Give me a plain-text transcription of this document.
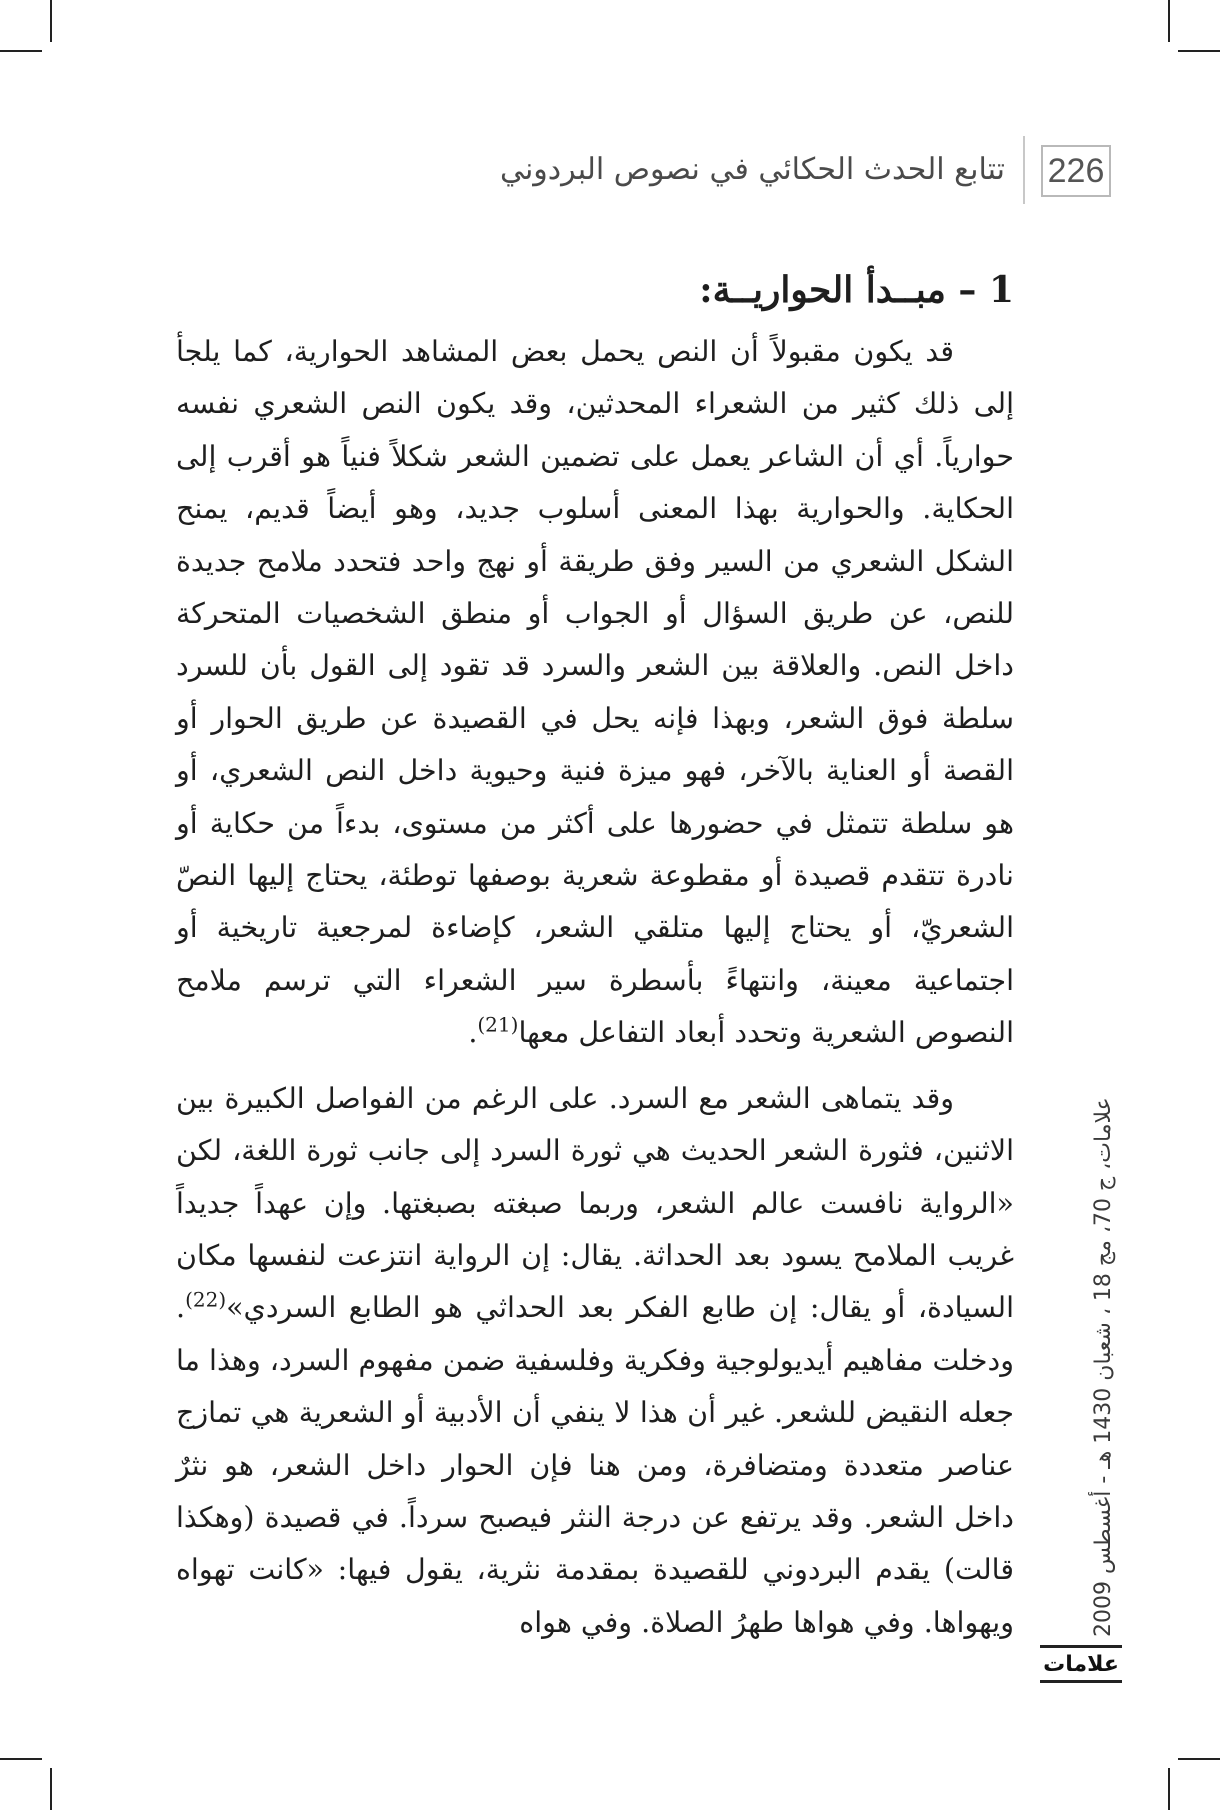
226
تتابع الحدث الحكائي في نصوص البردوني
1 – مبــدأ الحواريــة:

قد يكون مقبولاً أن النص يحمل بعض المشاهد الحوارية، كما يلجأ إلى ذلك كثير من الشعراء المحدثين، وقد يكون النص الشعري نفسه حوارياً. أي أن الشاعر يعمل على تضمين الشعر شكلاً فنياً هو أقرب إلى الحكاية. والحوارية بهذا المعنى أسلوب جديد، وهو أيضاً قديم، يمنح الشكل الشعري من السير وفق طريقة أو نهج واحد فتحدد ملامح جديدة للنص، عن طريق السؤال أو الجواب أو منطق الشخصيات المتحركة داخل النص. والعلاقة بين الشعر والسرد قد تقود إلى القول بأن للسرد سلطة فوق الشعر، وبهذا فإنه يحل في القصيدة عن طريق الحوار أو القصة أو العناية بالآخر، فهو ميزة فنية وحيوية داخل النص الشعري، أو هو سلطة تتمثل في حضورها على أكثر من مستوى، بدءاً من حكاية أو نادرة تتقدم قصيدة أو مقطوعة شعرية بوصفها توطئة، يحتاج إليها النصّ الشعريّ، أو يحتاج إليها متلقي الشعر، كإضاءة لمرجعية تاريخية أو اجتماعية معينة، وانتهاءً بأسطرة سير الشعراء التي ترسم ملامح النصوص الشعرية وتحدد أبعاد التفاعل معها$^{(21)}$.

وقد يتماهى الشعر مع السرد. على الرغم من الفواصل الكبيرة بين الاثنين، فثورة الشعر الحديث هي ثورة السرد إلى جانب ثورة اللغة، لكن «الرواية نافست عالم الشعر، وربما صبغته بصبغتها. وإن عهداً جديداً غريب الملامح يسود بعد الحداثة. يقال: إن الرواية انتزعت لنفسها مكان السيادة، أو يقال: إن طابع الفكر بعد الحداثي هو الطابع السردي»$^{(22)}$. ودخلت مفاهيم أيديولوجية وفكرية وفلسفية ضمن مفهوم السرد، وهذا ما جعله النقيض للشعر. غير أن هذا لا ينفي أن الأدبية أو الشعرية هي تمازج عناصر متعددة ومتضافرة، ومن هنا فإن الحوار داخل الشعر، هو نثرٌ داخل الشعر. وقد يرتفع عن درجة النثر فيصبح سرداً. في قصيدة (وهكذا قالت) يقدم البردوني للقصيدة بمقدمة نثرية، يقول فيها: «كانت تهواه ويهواها. وفي هواها طهرُ الصلاة. وفي هواه	علامات، ج 70، مج 18 ، شعبان 1430 هـ - أغسطس 2009
علامات
